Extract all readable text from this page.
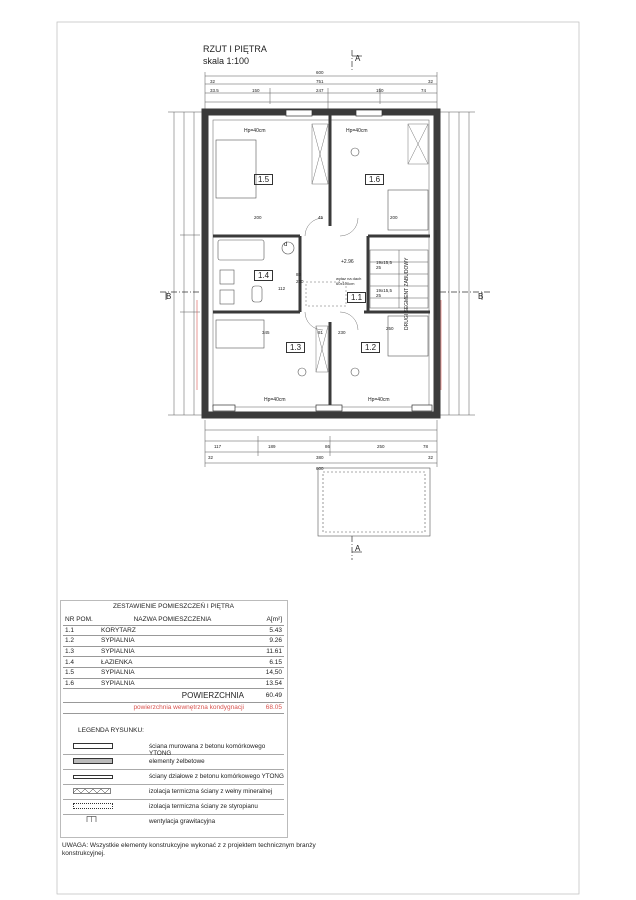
RZUT I PIĘTRA
skala 1:100	A
A
B	B
600
32	751	32
33.5	150	247	150	74
117	189	86	250	78
32	380	32
600
200	45	200
80
200
112
345
250
81	230
Hp=40cm	Hp=40cm
Hp=40cm	Hp=40cm
1.5	1.6
1.4
1.1
1.3	1.2
d
+2.96
wyłaz na dach 60x100cm
19x15,5 25
19x15,5 25	DRUGI SEGMENT ZABUDOWY
ZESTAWIENIE POMIESZCZEŃ I PIĘTRA
NR POM.	NAZWA POMIESZCZENIA	A[m²]
1.1	KORYTARZ	5.43
1.2	SYPIALNIA	9.26
1.3	SYPIALNIA	11.61
1.4	ŁAZIENKA	6.15
1.5	SYPIALNIA	14,50
1.6	SYPIALNIA	13.54
	POWIERZCHNIA	60.49
	powierzchnia wewnętrzna kondygnacji	68.05
LEGENDA RYSUNKU:
ściana murowana z betonu komórkowego YTONG
elementy żelbetowe
ściany działowe z betonu komórkowego YTONG
izolacja termiczna ściany z wełny mineralnej
izolacja termiczna ściany ze styropianu
wentylacja grawitacyjna
UWAGA: Wszystkie elementy konstrukcyjne wykonać z z projektem technicznym branży konstrukcyjnej.
